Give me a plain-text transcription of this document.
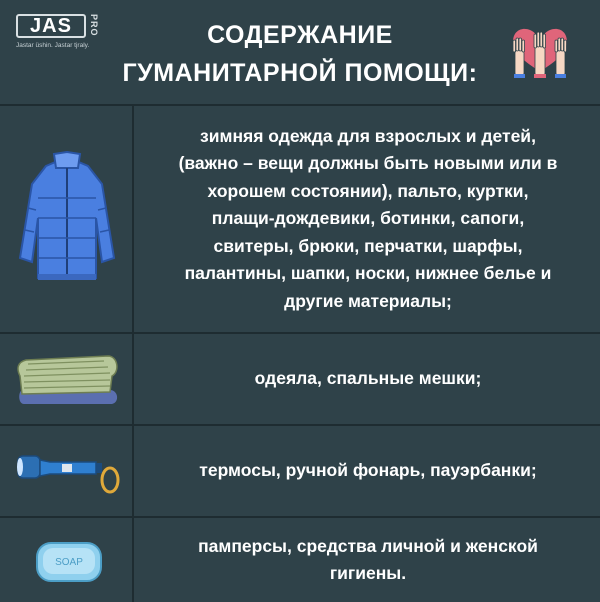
JAS	PRO
Jastar üshin. Jastar tjraly.	СОДЕРЖАНИЕ
ГУМАНИТАРНОЙ ПОМОЩИ:
зимняя одежда для взрослых и детей,
(важно – вещи должны быть новыми или в
хорошем состоянии), пальто, куртки,
плащи-дождевики, ботинки, сапоги,
свитеры, брюки, перчатки, шарфы,
палантины, шапки, носки, нижнее белье и
другие материалы;
одеяла, спальные мешки;
термосы, ручной фонарь, пауэрбанки;
SOAP
памперсы, средства личной и женской
гигиены.
